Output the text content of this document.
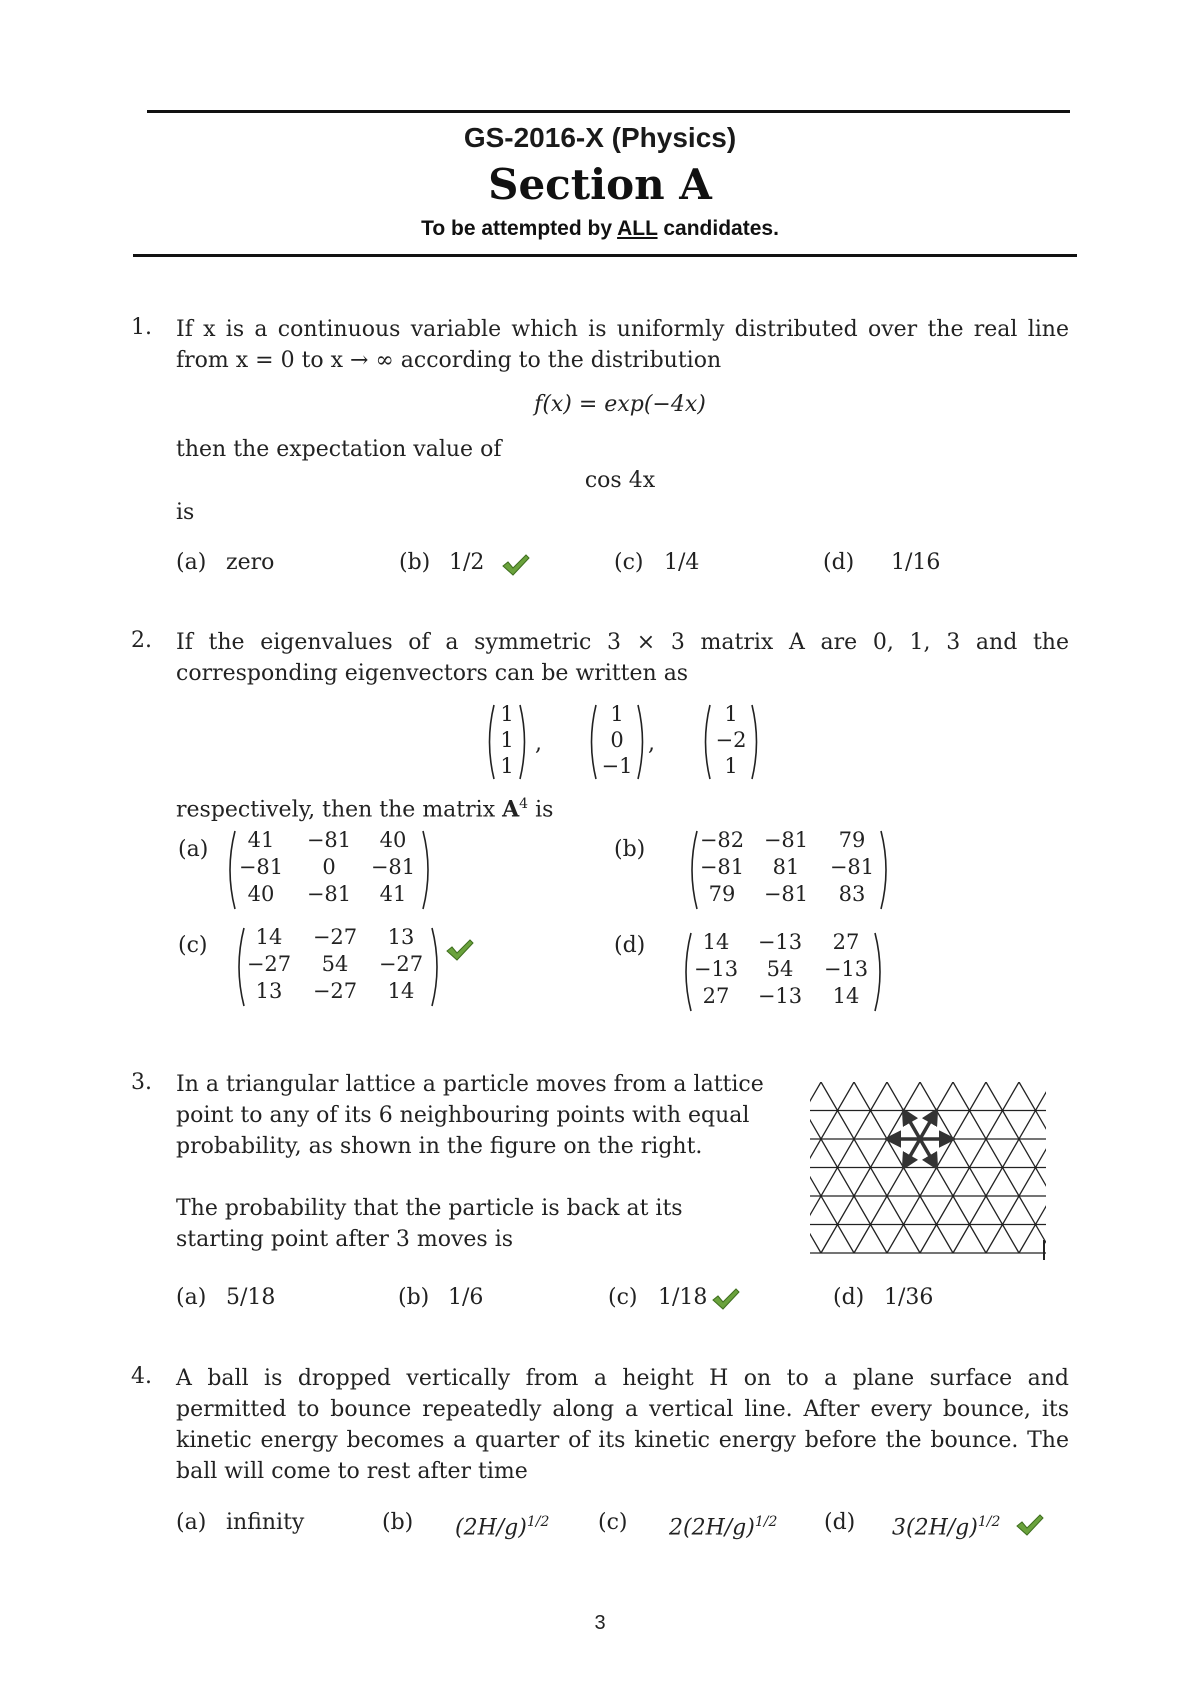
GS-2016-X (Physics)
Section A
To be attempted by ALL candidates.
1. If x is a continuous variable which is uniformly distributed over the real line
from x = 0 to x → ∞ according to the distribution
f(x) = exp(−4x)
then the expectation value of
cos 4x
is
(a) zero	(b) 1/2	(c) 1/4	(d) 1/16
2. If the eigenvalues of a symmetric 3 × 3 matrix A are 0, 1, 3 and the
corresponding eigenvectors can be written as
1
1
1
,
1
0
−1
,
1
−2
1
respectively, then the matrix $A^4$ is
(a)	41	−81	40
−81	0	−81
40	−81	41
(b)	−82 −81	79
−81	81	−81
79	−81	83
(c)	14	−27	13
−27	54	−27
13	−27	14
(d)	14	−13	27
−13	54	−13
27	−13	14
3. In a triangular lattice a particle moves from a lattice
point to any of its 6 neighbouring points with equal
probability, as shown in the figure on the right.
The probability that the particle is back at its
starting point after 3 moves is
(a) 5/18	(b) 1/6	(c) 1/18	(d) 1/36
4. A ball is dropped vertically from a height H on to a plane surface and
permitted to bounce repeatedly along a vertical line. After every bounce, its
kinetic energy becomes a quarter of its kinetic energy before the bounce. The
ball will come to rest after time
(a) infinity	(b) $(2H/g)^{1/2}$ (c) $2(2H/g)^{1/2}$ (d) $3(2H/g)^{1/2}$
3
